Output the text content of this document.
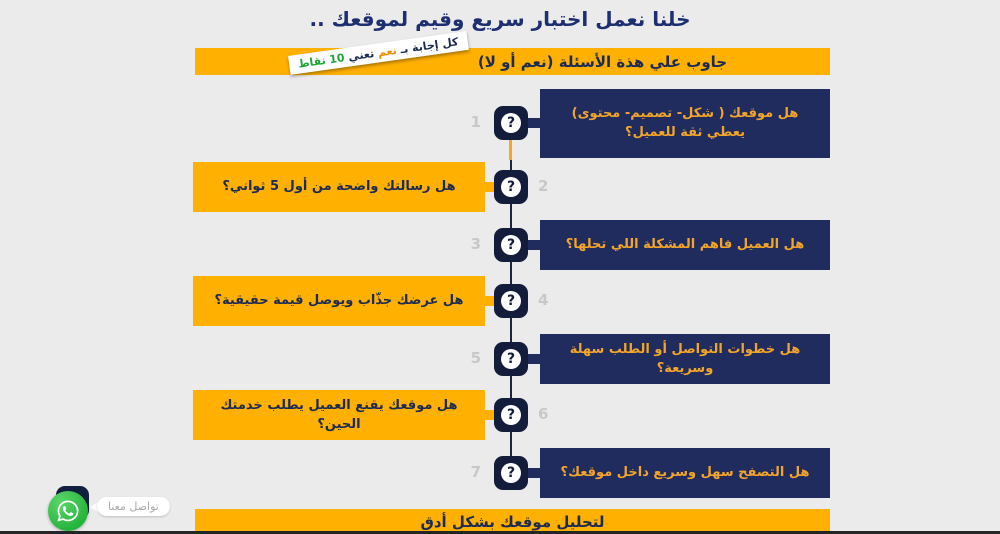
خلنا نعمل اختبار سريع وقيم لموقعك ..
جاوب علي هذة الأسئلة (نعم أو لا)
كل إجابة بـ نعم تعني 10 نقاط
1	?
هل موقعك ( شكل- تصميم- محتوى) يعطي ثقة للعميل؟
2
?
هل رسالتك واضحة من أول 5 ثواني؟
3	?	هل العميل فاهم المشكلة اللي تحلها؟
4
?
هل عرضك جذّاب ويوصل قيمة حقيقية؟
5	?
هل خطوات التواصل أو الطلب سهلة وسريعة؟
6
?
هل موقعك يقنع العميل يطلب خدمتك الحين؟
7	?	هل التصفح سهل وسريع داخل موقعك؟
لتحليل موقعك بشكل أدق
تواصل معنا
